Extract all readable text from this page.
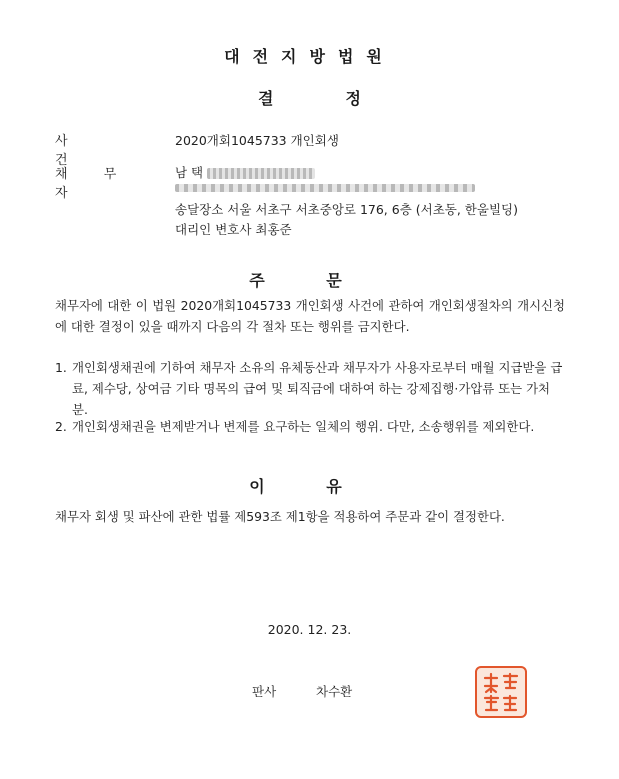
대전지방법원
결	정
사 건
2020개회1045733 개인회생
채 무 자
남 택
송달장소 서울 서초구 서초중앙로 176, 6층 (서초동, 한울빌딩)
대리인 변호사 최홍준
주 문
채무자에 대한 이 법원 2020개회1045733 개인회생 사건에 관하여 개인회생절차의 개시신청에 대한 결정이 있을 때까지 다음의 각 절차 또는 행위를 금지한다.
1. 개인회생채권에 기하여 채무자 소유의 유체동산과 채무자가 사용자로부터 매월 지급받을 급료, 제수당, 상여금 기타 명목의 급여 및 퇴직금에 대하여 하는 강제집행·가압류 또는 가처분.
2. 개인회생채권을 변제받거나 변제를 요구하는 일체의 행위. 다만, 소송행위를 제외한다.
이 유
채무자 회생 및 파산에 관한 법률 제593조 제1항을 적용하여 주문과 같이 결정한다.
2020. 12. 23.
판사	차수환
